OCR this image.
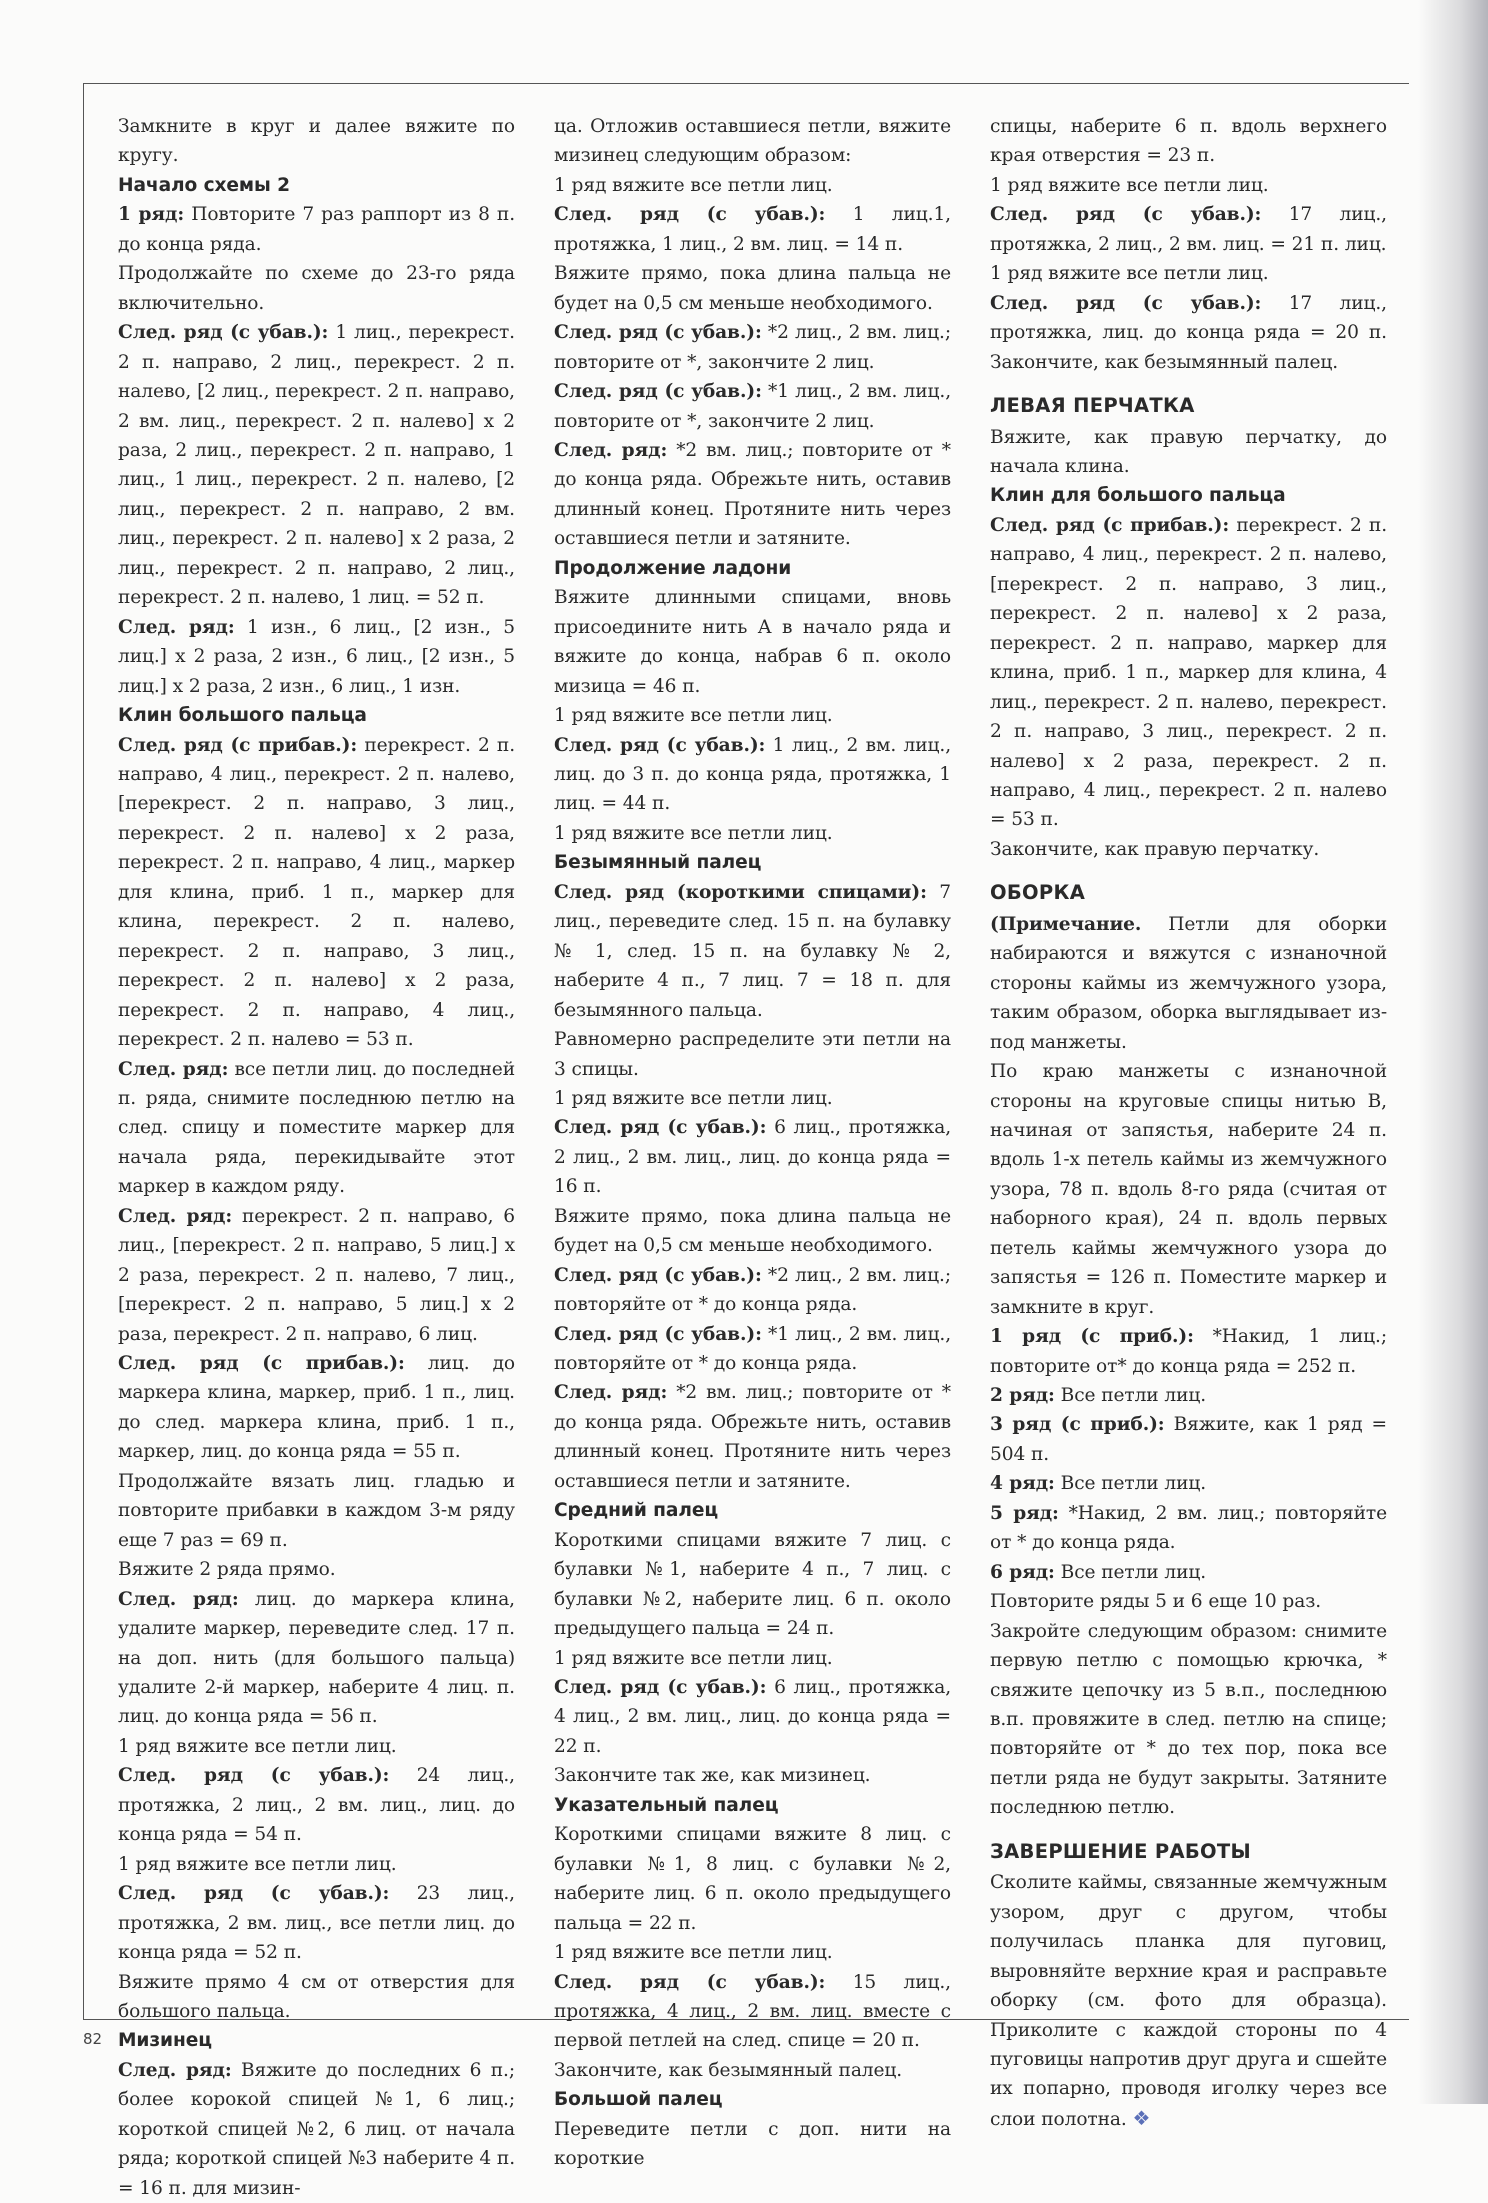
Замкните в круг и далее вяжите по кругу.

Начало схемы 2

1 ряд: Повторите 7 раз раппорт из 8 п. до конца ряда.

Продолжайте по схеме до 23-го ряда включительно.

След. ряд (с убав.): 1 лиц., перекрест. 2 п. направо, 2 лиц., перекрест. 2 п. налево, [2 лиц., перекрест. 2 п. направо, 2 вм. лиц., перекрест. 2 п. налево] х 2 раза, 2 лиц., перекрест. 2 п. направо, 1 лиц., 1 лиц., перекрест. 2 п. налево, [2 лиц., перекрест. 2 п. направо, 2 вм. лиц., перекрест. 2 п. налево] х 2 раза, 2 лиц., перекрест. 2 п. направо, 2 лиц., перекрест. 2 п. налево, 1 лиц. = 52 п.

След. ряд: 1 изн., 6 лиц., [2 изн., 5 лиц.] х 2 раза, 2 изн., 6 лиц., [2 изн., 5 лиц.] х 2 раза, 2 изн., 6 лиц., 1 изн.

Клин большого пальца

След. ряд (с прибав.): перекрест. 2 п. направо, 4 лиц., перекрест. 2 п. налево, [перекрест. 2 п. направо, 3 лиц., перекрест. 2 п. налево] х 2 раза, перекрест. 2 п. направо, 4 лиц., маркер для клина, приб. 1 п., маркер для клина, перекрест. 2 п. налево, перекрест. 2 п. направо, 3 лиц., перекрест. 2 п. налево] х 2 раза, перекрест. 2 п. направо, 4 лиц., перекрест. 2 п. налево = 53 п.

След. ряд: все петли лиц. до последней п. ряда, снимите последнюю петлю на след. спицу и поместите маркер для начала ряда, перекидывайте этот маркер в каждом ряду.

След. ряд: перекрест. 2 п. направо, 6 лиц., [перекрест. 2 п. направо, 5 лиц.] х 2 раза, перекрест. 2 п. налево, 7 лиц., [перекрест. 2 п. направо, 5 лиц.] х 2 раза, перекрест. 2 п. направо, 6 лиц.

След. ряд (с прибав.): лиц. до маркера клина, маркер, приб. 1 п., лиц. до след. маркера клина, приб. 1 п., маркер, лиц. до конца ряда = 55 п.

Продолжайте вязать лиц. гладью и повторите прибавки в каждом 3-м ряду еще 7 раз = 69 п.

Вяжите 2 ряда прямо.

След. ряд: лиц. до маркера клина, удалите маркер, переведите след. 17 п. на доп. нить (для большого пальца) удалите 2-й маркер, наберите 4 лиц. п. лиц. до конца ряда = 56 п.

1 ряд вяжите все петли лиц.

След. ряд (с убав.): 24 лиц., протяжка, 2 лиц., 2 вм. лиц., лиц. до конца ряда = 54 п.

1 ряд вяжите все петли лиц.

След. ряд (с убав.): 23 лиц., протяжка, 2 вм. лиц., все петли лиц. до конца ряда = 52 п.

Вяжите прямо 4 см от отверстия для большого пальца.

Мизинец

След. ряд: Вяжите до последних 6 п.; более корокой спицей №1, 6 лиц.; короткой спицей №2, 6 лиц. от начала ряда; короткой спицей №3 наберите 4 п. = 16 п. для мизин-

ца. Отложив оставшиеся петли, вяжите мизинец следующим образом:

1 ряд вяжите все петли лиц.

След. ряд (с убав.): 1 лиц.1, протяжка, 1 лиц., 2 вм. лиц. = 14 п.

Вяжите прямо, пока длина пальца не будет на 0,5 см меньше необходимого.

След. ряд (с убав.): *2 лиц., 2 вм. лиц.; повторите от *, закончите 2 лиц.

След. ряд (с убав.): *1 лиц., 2 вм. лиц., повторите от *, закончите 2 лиц.

След. ряд: *2 вм. лиц.; повторите от * до конца ряда. Обрежьте нить, оставив длинный конец. Протяните нить через оставшиеся петли и затяните.

Продолжение ладони

Вяжите длинными спицами, вновь присоедините нить А в начало ряда и вяжите до конца, набрав 6 п. около мизица = 46 п.

1 ряд вяжите все петли лиц.

След. ряд (с убав.): 1 лиц., 2 вм. лиц., лиц. до 3 п. до конца ряда, протяжка, 1 лиц. = 44 п.

1 ряд вяжите все петли лиц.

Безымянный палец

След. ряд (короткими спицами): 7 лиц., переведите след. 15 п. на булавку № 1, след. 15 п. на булавку № 2, наберите 4 п., 7 лиц. 7 = 18 п. для безымянного пальца.

Равномерно распределите эти петли на 3 спицы.

1 ряд вяжите все петли лиц.

След. ряд (с убав.): 6 лиц., протяжка, 2 лиц., 2 вм. лиц., лиц. до конца ряда = 16 п.

Вяжите прямо, пока длина пальца не будет на 0,5 см меньше необходимого.

След. ряд (с убав.): *2 лиц., 2 вм. лиц.; повторяйте от * до конца ряда.

След. ряд (с убав.): *1 лиц., 2 вм. лиц., повторяйте от * до конца ряда.

След. ряд: *2 вм. лиц.; повторите от * до конца ряда. Обрежьте нить, оставив длинный конец. Протяните нить через оставшиеся петли и затяните.

Средний палец

Короткими спицами вяжите 7 лиц. с булавки №1, наберите 4 п., 7 лиц. с булавки №2, наберите лиц. 6 п. около предыдущего пальца = 24 п.

1 ряд вяжите все петли лиц.

След. ряд (с убав.): 6 лиц., протяжка, 4 лиц., 2 вм. лиц., лиц. до конца ряда = 22 п.

Закончите так же, как мизинец.

Указательный палец

Короткими спицами вяжите 8 лиц. с булавки №1, 8 лиц. с булавки №2, наберите лиц. 6 п. около предыдущего пальца = 22 п.

1 ряд вяжите все петли лиц.

След. ряд (с убав.): 15 лиц., протяжка, 4 лиц., 2 вм. лиц. вместе с первой петлей на след. спице = 20 п.

Закончите, как безымянный палец.

Большой палец

Переведите петли с доп. нити на короткие

спицы, наберите 6 п. вдоль верхнего края отверстия = 23 п.

1 ряд вяжите все петли лиц.

След. ряд (с убав.): 17 лиц., протяжка, 2 лиц., 2 вм. лиц. = 21 п. лиц.

1 ряд вяжите все петли лиц.

След. ряд (с убав.): 17 лиц., протяжка, лиц. до конца ряда = 20 п. Закончите, как безымянный палец.

ЛЕВАЯ ПЕРЧАТКА

Вяжите, как правую перчатку, до начала клина.

Клин для большого пальца

След. ряд (с прибав.): перекрест. 2 п. направо, 4 лиц., перекрест. 2 п. налево, [перекрест. 2 п. направо, 3 лиц., перекрест. 2 п. налево] х 2 раза, перекрест. 2 п. направо, маркер для клина, приб. 1 п., маркер для клина, 4 лиц., перекрест. 2 п. налево, перекрест. 2 п. направо, 3 лиц., перекрест. 2 п. налево] х 2 раза, перекрест. 2 п. направо, 4 лиц., перекрест. 2 п. налево = 53 п.

Закончите, как правую перчатку.

ОБОРКА

(Примечание. Петли для оборки набираются и вяжутся с изнаночной стороны каймы из жемчужного узора, таким образом, оборка выглядывает из-под манжеты.

По краю манжеты с изнаночной стороны на круговые спицы нитью В, начиная от запястья, наберите 24 п. вдоль 1-х петель каймы из жемчужного узора, 78 п. вдоль 8-го ряда (считая от наборного края), 24 п. вдоль первых петель каймы жемчужного узора до запястья = 126 п. Поместите маркер и замкните в круг.

1 ряд (с приб.): *Накид, 1 лиц.; повторите от* до конца ряда = 252 п.

2 ряд: Все петли лиц.

3 ряд (с приб.): Вяжите, как 1 ряд = 504 п.

4 ряд: Все петли лиц.

5 ряд: *Накид, 2 вм. лиц.; повторяйте от * до конца ряда.

6 ряд: Все петли лиц.

Повторите ряды 5 и 6 еще 10 раз.

Закройте следующим образом: снимите первую петлю с помощью крючка, * свяжите цепочку из 5 в.п., последнюю в.п. провяжите в след. петлю на спице; повторяйте от * до тех пор, пока все петли ряда не будут закрыты. Затяните последнюю петлю.

ЗАВЕРШЕНИЕ РАБОТЫ

Сколите каймы, связанные жемчужным узором, друг с другом, чтобы получилась планка для пуговиц, выровняйте верхние края и расправьте оборку (см. фото для образца). Приколите с каждой стороны по 4 пуговицы напротив друг друга и сшейте их попарно, проводя иголку через все слои полотна. ❖

82
